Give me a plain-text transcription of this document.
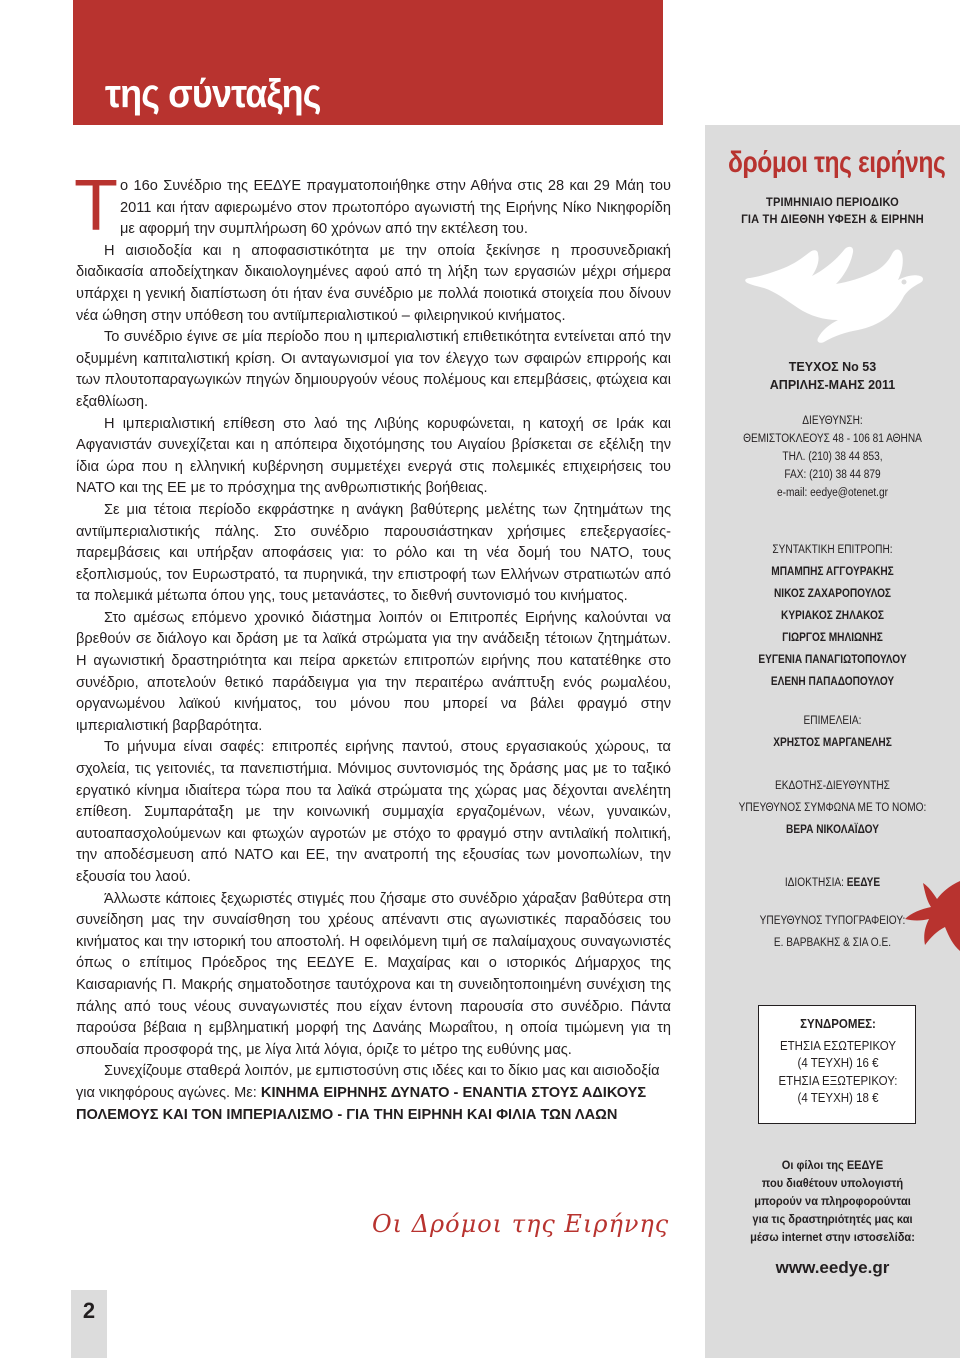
της σύνταξης
2
Τ ο 16ο Συνέδριο της ΕΕΔΥΕ πραγματοποιήθηκε στην Αθήνα στις 28 και 29 Μάη του 2011 και ήταν αφιερωμένο στον πρωτοπόρο αγωνιστή της Ειρήνης Νίκο Νικηφορίδη με αφορμή την συμπλήρωση 60 χρόνων από την εκτέλεση του.

Η αισιοδοξία και η αποφασιστικότητα με την οποία ξεκίνησε η προσυνεδριακή διαδικασία αποδείχτηκαν δικαιολογημένες αφού από τη λήξη των εργασιών μέχρι σήμερα υπάρχει η γενική διαπίστωση ότι ήταν ένα συνέδριο με πολλά ποιοτικά στοιχεία που δίνουν νέα ώθηση στην υπόθεση του αντιϊμπεριαλιστικού – φιλειρηνικού κινήματος.

Το συνέδριο έγινε σε μία περίοδο που η ιμπεριαλιστική επιθετικότητα εντείνεται από την οξυμμένη καπιταλιστική κρίση. Οι ανταγωνισμοί για τον έλεγχο των σφαιρών επιρροής και των πλουτοπαραγωγικών πηγών δημιουργούν νέους πολέμους και επεμβάσεις, φτώχεια και εξαθλίωση.

Η ιμπεριαλιστική επίθεση στο λαό της Λιβύης κορυφώνεται, η κατοχή σε Ιράκ και Αφγανιστάν συνεχίζεται και η απόπειρα διχοτόμησης του Αιγαίου βρίσκεται σε εξέλιξη την ίδια ώρα που η ελληνική κυβέρνηση συμμετέχει ενεργά στις πολεμικές επιχειρήσεις του ΝΑΤΟ και της ΕΕ με το πρόσχημα της ανθρωπιστικής βοήθειας.

Σε μια τέτοια περίοδο εκφράστηκε η ανάγκη βαθύτερης μελέτης των ζητημάτων της αντιϊμπεριαλιστικής πάλης. Στο συνέδριο παρουσιάστηκαν χρήσιμες επεξεργασίες-παρεμβάσεις και υπήρξαν αποφάσεις για: το ρόλο και τη νέα δομή του ΝΑΤΟ, τους εξοπλισμούς, τον Ευρωστρατό, τα πυρηνικά, την επιστροφή των Ελλήνων στρατιωτών από τα πολεμικά μέτωπα όπου γης, τους μετανάστες, το διεθνή συντονισμό του κινήματος.

Στο αμέσως επόμενο χρονικό διάστημα λοιπόν οι Επιτροπές Ειρήνης καλούνται να βρεθούν σε διάλογο και δράση με τα λαϊκά στρώματα για την ανάδειξη τέτοιων ζητημάτων. Η αγωνιστική δραστηριότητα και πείρα αρκετών επιτροπών ειρήνης που κατατέθηκε στο συνέδριο, αποτελούν θετικό παράδειγμα για την περαιτέρω ανάπτυξη ενός ρωμαλέου, οργανωμένου λαϊκού κινήματος, του μόνου που μπορεί να βάλει φραγμό στην ιμπεριαλιστική βαρβαρότητα.

Το μήνυμα είναι σαφές: επιτροπές ειρήνης παντού, στους εργασιακούς χώρους, τα σχολεία, τις γειτονιές, τα πανεπιστήμια. Μόνιμος συντονισμός της δράσης μας με το ταξικό εργατικό κίνημα ιδιαίτερα τώρα που τα λαϊκά στρώματα της χώρας μας δέχονται ανελέητη επίθεση. Συμπαράταξη με την κοινωνική συμμαχία εργαζομένων, νέων, γυναικών, αυτοαπασχολούμενων και φτωχών αγροτών με στόχο το φραγμό στην αντιλαϊκή πολιτική, την αποδέσμευση από ΝΑΤΟ και ΕΕ, την ανατροπή της εξουσίας των μονοπωλίων, την εξουσία του λαού.

Άλλωστε κάποιες ξεχωριστές στιγμές που ζήσαμε στο συνέδριο χάραξαν βαθύτερα στη συνείδηση μας την συναίσθηση του χρέους απέναντι στις αγωνιστικές παραδόσεις του κινήματος και την ιστορική του αποστολή. Η οφειλόμενη τιμή σε παλαίμαχους συναγωνιστές όπως ο επίτιμος Πρόεδρος της ΕΕΔΥΕ Ε. Μαχαίρας και ο ιστορικός Δήμαρχος της Καισαριανής Π. Μακρής σηματοδοτησε ταυτόχρονα και τη συνειδητοποιημένη συνέχιση της πάλης από τους νέους συναγωνιστές που είχαν έντονη παρουσία στο συνέδριο. Πάντα παρούσα βέβαια η εμβληματική μορφή της Δανάης Μωραΐτου, η οποία τιμώμενη για τη σπουδαία προσφορά της, με λίγα λιτά λόγια, όριζε το μέτρο της ευθύνης μας.

Συνεχίζουμε σταθερά λοιπόν, με εμπιστοσύνη στις ιδέες και το δίκιο μας και αισιοδοξία για νικηφόρους αγώνες. Με: ΚΙΝΗΜΑ ΕΙΡΗΝΗΣ ΔΥΝΑΤΟ - ΕΝΑΝΤΙΑ ΣΤΟΥΣ ΑΔΙΚΟΥΣ ΠΟΛΕΜΟΥΣ ΚΑΙ ΤΟΝ ΙΜΠΕΡΙΑΛΙΣΜΟ - ΓΙΑ ΤΗΝ ΕΙΡΗΝΗ ΚΑΙ ΦΙΛΙΑ ΤΩΝ ΛΑΩΝ

Οι Δρόμοι της Ειρήνης
δρόμοι της ειρήνης
ΤΡΙΜΗΝΙΑΙΟ ΠΕΡΙΟΔΙΚΟ
ΓΙΑ ΤΗ ΔΙΕΘΝΗ ΥΦΕΣΗ & ΕΙΡΗΝΗ
ΤΕΥΧΟΣ Νο 53
ΑΠΡΙΛΗΣ-ΜΑΗΣ 2011
ΔΙΕΥΘΥΝΣΗ:
ΘΕΜΙΣΤΟΚΛΕΟΥΣ 48 - 106 81 ΑΘΗΝΑ
ΤΗΛ. (210) 38 44 853,
FAX: (210) 38 44 879
e-mail: eedye@otenet.gr
ΣΥΝΤΑΚΤΙΚΗ ΕΠΙΤΡΟΠΗ:
ΜΠΑΜΠΗΣ ΑΓΓΟΥΡΑΚΗΣ
ΝΙΚΟΣ ΖΑΧΑΡΟΠΟΥΛΟΣ
ΚΥΡΙΑΚΟΣ ΖΗΛΑΚΟΣ
ΓΙΩΡΓΟΣ ΜΗΛΙΩΝΗΣ
ΕΥΓΕΝΙΑ ΠΑΝΑΓΙΩΤΟΠΟΥΛΟΥ
ΕΛΕΝΗ ΠΑΠΑΔΟΠΟΥΛΟΥ
ΕΠΙΜΕΛΕΙΑ:
ΧΡΗΣΤΟΣ ΜΑΡΓΑΝΕΛΗΣ
ΕΚΔΟΤΗΣ-ΔΙΕΥΘΥΝΤΗΣ
ΥΠΕΥΘΥΝΟΣ ΣΥΜΦΩΝΑ ΜΕ ΤΟ ΝΟΜΟ:
ΒΕΡΑ ΝΙΚΟΛΑΪΔΟΥ
ΙΔΙΟΚΤΗΣΙΑ: ΕΕΔΥΕ
ΥΠΕΥΘΥΝΟΣ ΤΥΠΟΓΡΑΦΕΙΟΥ:
Ε. ΒΑΡΒΑΚΗΣ & ΣΙΑ Ο.Ε.
ΣΥΝΔΡΟΜΕΣ:
ΕΤΗΣΙΑ ΕΣΩΤΕΡΙΚΟΥ
(4 ΤΕΥΧΗ) 16 €
ΕΤΗΣΙΑ ΕΞΩΤΕΡΙΚΟΥ:
(4 ΤΕΥΧΗ) 18 €
Οι φίλοι της ΕΕΔΥΕ
που διαθέτουν υπολογιστή
μπορούν να πληροφορούνται
για τις δραστηριότητές μας και
μέσω internet στην ιστοσελίδα:
www.eedye.gr
